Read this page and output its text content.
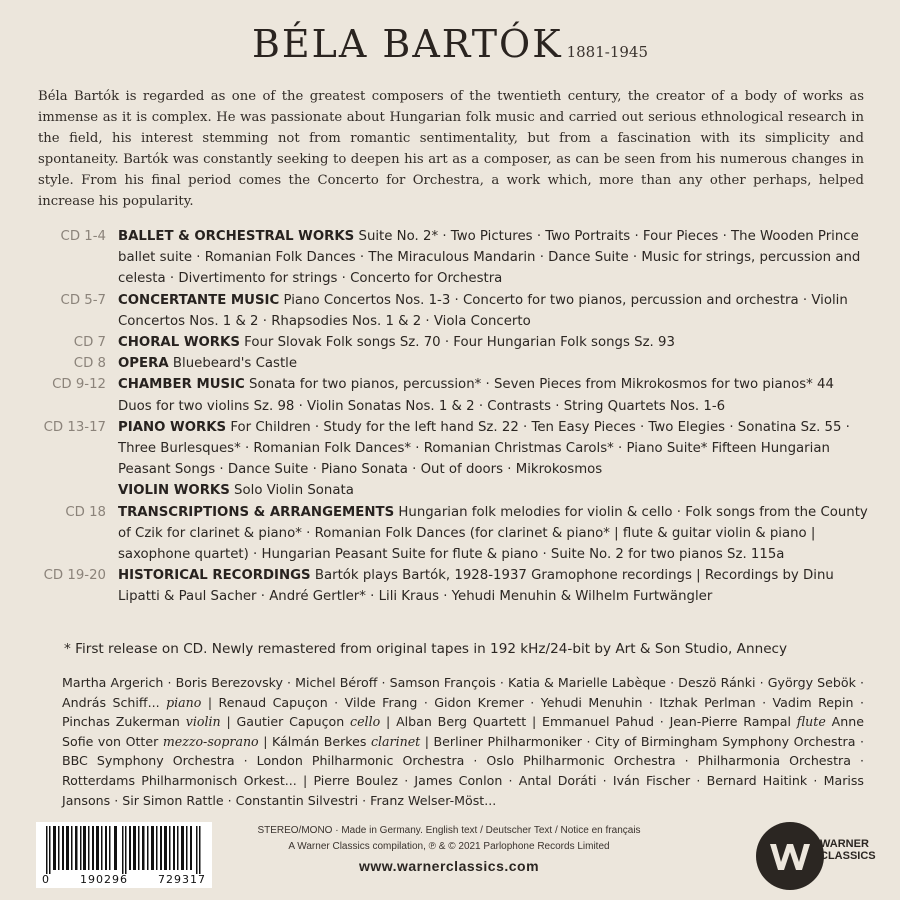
BÉLA BARTÓK 1881-1945
Béla Bartók is regarded as one of the greatest composers of the twentieth century, the creator of a body of works as immense as it is complex. He was passionate about Hungarian folk music and carried out serious ethnological research in the field, his interest stemming not from romantic sentimentality, but from a fascination with its simplicity and spontaneity. Bartók was constantly seeking to deepen his art as a composer, as can be seen from his numerous changes in style. From his final period comes the Concerto for Orchestra, a work which, more than any other perhaps, helped increase his popularity.
CD 1-4 BALLET & ORCHESTRAL WORKS Suite No. 2* · Two Pictures · Two Portraits · Four Pieces · The Wooden Prince ballet suite · Romanian Folk Dances · The Miraculous Mandarin · Dance Suite · Music for strings, percussion and celesta · Divertimento for strings · Concerto for Orchestra
CD 5-7 CONCERTANTE MUSIC Piano Concertos Nos. 1-3 · Concerto for two pianos, percussion and orchestra · Violin Concertos Nos. 1 & 2 · Rhapsodies Nos. 1 & 2 · Viola Concerto
CD 7 CHORAL WORKS Four Slovak Folk songs Sz. 70 · Four Hungarian Folk songs Sz. 93
CD 8 OPERA Bluebeard's Castle
CD 9-12 CHAMBER MUSIC Sonata for two pianos, percussion* · Seven Pieces from Mikrokosmos for two pianos* 44 Duos for two violins Sz. 98 · Violin Sonatas Nos. 1 & 2 · Contrasts · String Quartets Nos. 1-6
CD 13-17 PIANO WORKS For Children · Study for the left hand Sz. 22 · Ten Easy Pieces · Two Elegies · Sonatina Sz. 55 · Three Burlesques* · Romanian Folk Dances* · Romanian Christmas Carols* · Piano Suite* Fifteen Hungarian Peasant Songs · Dance Suite · Piano Sonata · Out of doors · Mikrokosmos
VIOLIN WORKS Solo Violin Sonata
CD 18 TRANSCRIPTIONS & ARRANGEMENTS Hungarian folk melodies for violin & cello · Folk songs from the County of Czik for clarinet & piano* · Romanian Folk Dances (for clarinet & piano* | flute & guitar violin & piano | saxophone quartet) · Hungarian Peasant Suite for flute & piano · Suite No. 2 for two pianos Sz. 115a
CD 19-20 HISTORICAL RECORDINGS Bartók plays Bartók, 1928-1937 Gramophone recordings | Recordings by Dinu Lipatti & Paul Sacher · André Gertler* · Lili Kraus · Yehudi Menuhin & Wilhelm Furtwängler
* First release on CD. Newly remastered from original tapes in 192 kHz/24-bit by Art & Son Studio, Annecy
Martha Argerich · Boris Berezovsky · Michel Béroff · Samson François · Katia & Marielle Labèque · Deszö Ránki · György Sebök · András Schiff... piano | Renaud Capuçon · Vilde Frang · Gidon Kremer · Yehudi Menuhin · Itzhak Perlman · Vadim Repin · Pinchas Zukerman violin | Gautier Capuçon cello | Alban Berg Quartett | Emmanuel Pahud · Jean-Pierre Rampal flute Anne Sofie von Otter mezzo-soprano | Kálmán Berkes clarinet | Berliner Philharmoniker · City of Birmingham Symphony Orchestra · BBC Symphony Orchestra · London Philharmonic Orchestra · Oslo Philharmonic Orchestra · Philharmonia Orchestra · Rotterdams Philharmonisch Orkest... | Pierre Boulez · James Conlon · Antal Doráti · Iván Fischer · Bernard Haitink · Mariss Jansons · Sir Simon Rattle · Constantin Silvestri · Franz Welser-Möst...
0	190296	729317
STEREO/MONO · Made in Germany. English text / Deutscher Text / Notice en français
A Warner Classics compilation, ℗ & © 2021 Parlophone Records Limited
www.warnerclassics.com
WARNER
CLASSICS
